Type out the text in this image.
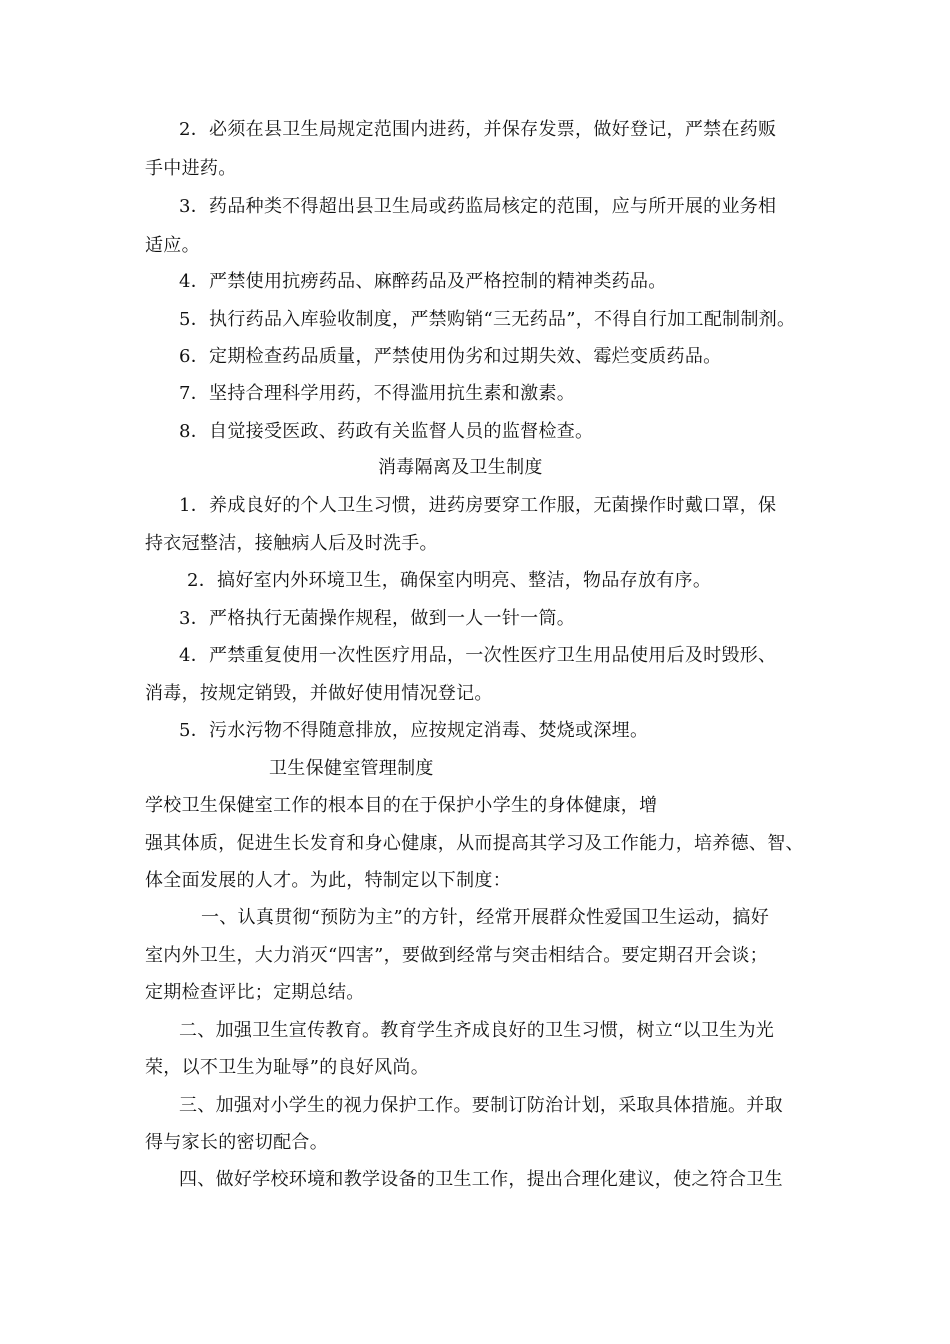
2．必须在县卫生局规定范围内进药，并保存发票，做好登记，严禁在药贩
手中进药。
3．药品种类不得超出县卫生局或药监局核定的范围，应与所开展的业务相
适应。
4．严禁使用抗痨药品、麻醉药品及严格控制的精神类药品。
5．执行药品入库验收制度，严禁购销“三无药品”，不得自行加工配制制剂。
6．定期检查药品质量，严禁使用伪劣和过期失效、霉烂变质药品。
7．坚持合理科学用药，不得滥用抗生素和激素。
8．自觉接受医政、药政有关监督人员的监督检查。
消毒隔离及卫生制度
1．养成良好的个人卫生习惯，进药房要穿工作服，无菌操作时戴口罩，保
持衣冠整洁，接触病人后及时洗手。
2．搞好室内外环境卫生，确保室内明亮、整洁，物品存放有序。
3．严格执行无菌操作规程，做到一人一针一筒。
4．严禁重复使用一次性医疗用品，一次性医疗卫生用品使用后及时毁形、
消毒，按规定销毁，并做好使用情况登记。
5．污水污物不得随意排放，应按规定消毒、焚烧或深埋。
卫生保健室管理制度
学校卫生保健室工作的根本目的在于保护小学生的身体健康，增
强其体质，促进生长发育和身心健康，从而提高其学习及工作能力，培养德、智、
体全面发展的人才。为此，特制定以下制度：
一、认真贯彻“预防为主”的方针，经常开展群众性爱国卫生运动，搞好
室内外卫生，大力消灭“四害”，要做到经常与突击相结合。要定期召开会谈；
定期检查评比；定期总结。
二、加强卫生宣传教育。教育学生齐成良好的卫生习惯，树立“以卫生为光
荣，以不卫生为耻辱”的良好风尚。
三、加强对小学生的视力保护工作。要制订防治计划，采取具体措施。并取
得与家长的密切配合。
四、做好学校环境和教学设备的卫生工作，提出合理化建议，使之符合卫生
